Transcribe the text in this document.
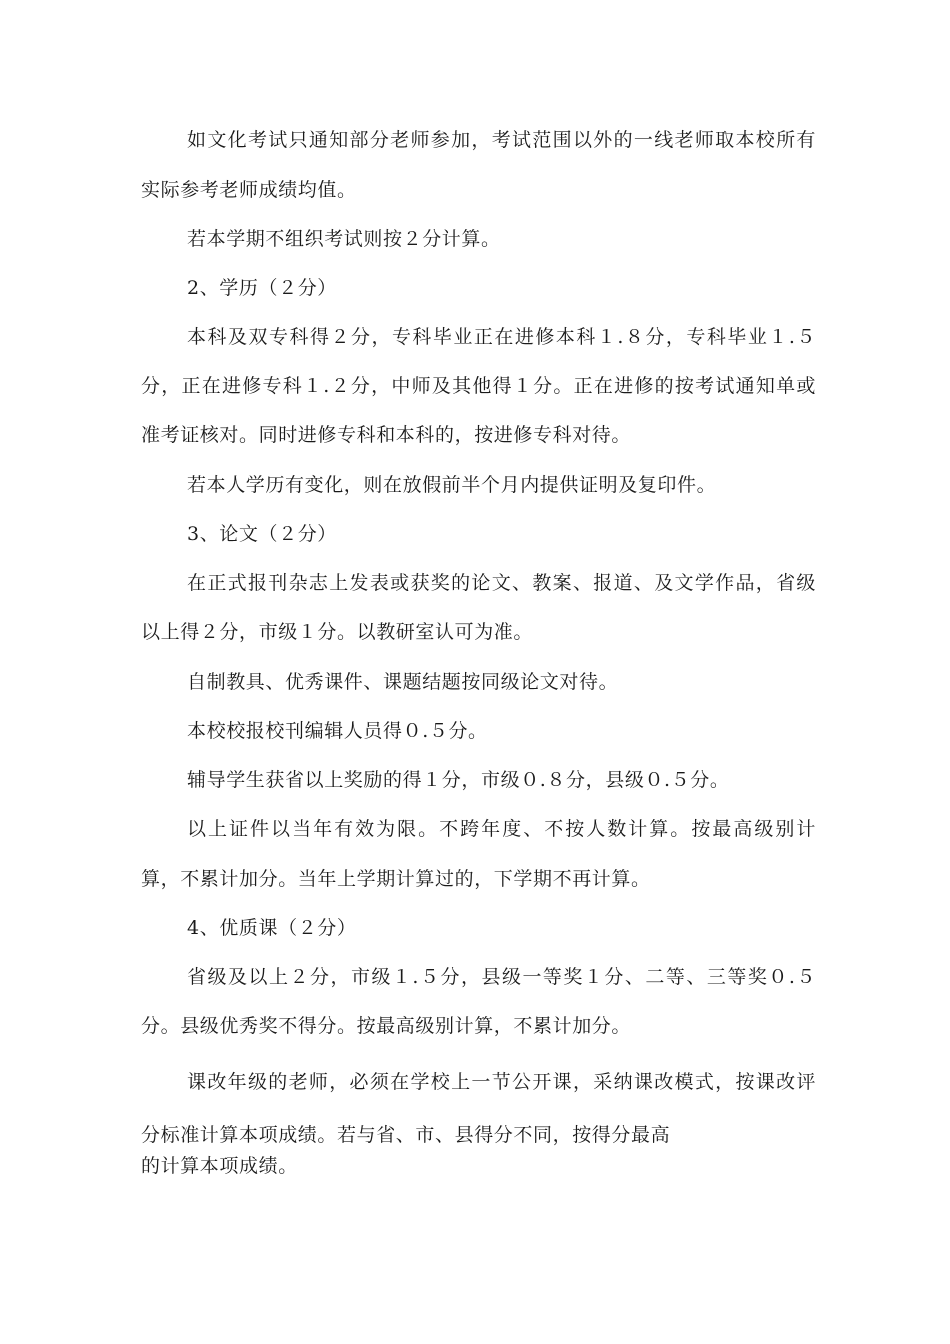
如文化考试只通知部分老师参加，考试范围以外的一线老师取本校所有
实际参考老师成绩均值。
若本学期不组织考试则按２分计算。
2、学历（２分）
本科及双专科得２分，专科毕业正在进修本科１.８分，专科毕业１.５
分，正在进修专科１.２分，中师及其他得１分。正在进修的按考试通知单或
准考证核对。同时进修专科和本科的，按进修专科对待。
若本人学历有变化，则在放假前半个月内提供证明及复印件。
3、论文（２分）
在正式报刊杂志上发表或获奖的论文、教案、报道、及文学作品，省级
以上得２分，市级１分。以教研室认可为准。
自制教具、优秀课件、课题结题按同级论文对待。
本校校报校刊编辑人员得０.５分。
辅导学生获省以上奖励的得１分，市级０.８分，县级０.５分。
以上证件以当年有效为限。不跨年度、不按人数计算。按最高级别计
算，不累计加分。当年上学期计算过的，下学期不再计算。
4、优质课（２分）
省级及以上２分，市级１.５分，县级一等奖１分、二等、三等奖０.５
分。县级优秀奖不得分。按最高级别计算，不累计加分。
课改年级的老师，必须在学校上一节公开课，采纳课改模式，按课改评
分标准计算本项成绩。若与省、市、县得分不同，按得分最高
的计算本项成绩。
